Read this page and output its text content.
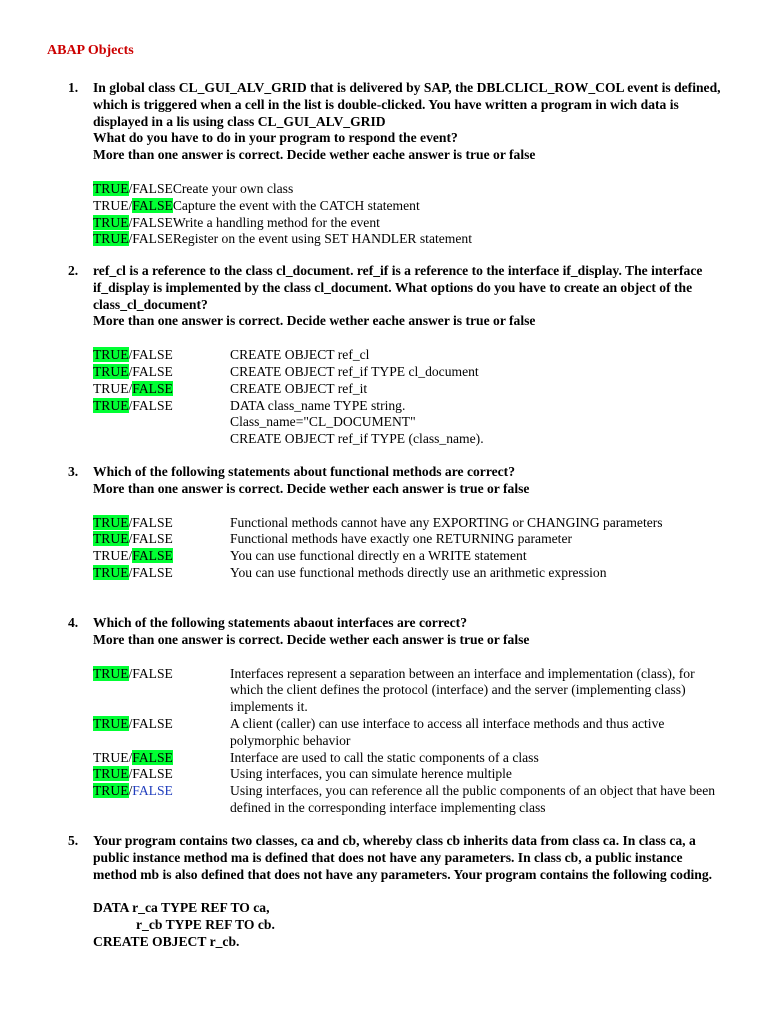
ABAP Objects
1.	In global class CL_GUI_ALV_GRID that is delivered by SAP, the DBLCLICL_ROW_COL event is defined, which is triggered when a cell in the list is double-clicked. You have written a program in wich data is displayed in a lis using class CL_GUI_ALV_GRID
What do you have to do in your program to respond the event?
More than one answer is correct. Decide wether eache answer is true or false
TRUE/FALSE Create your own class
TRUE/FALSE Capture the event with the CATCH statement
TRUE/FALSE Write a handling method for the event
TRUE/FALSE Register on the event using SET HANDLER statement
2.	ref_cl is a reference to the class cl_document. ref_if is a reference to the interface if_display. The interface if_display is implemented by the class cl_document. What options do you have to create an object of the class_cl_document?
More than one answer is correct. Decide wether eache answer is true or false
TRUE/FALSE	CREATE OBJECT ref_cl
TRUE/FALSE	CREATE OBJECT ref_if TYPE cl_document
TRUE/FALSE	CREATE OBJECT ref_it
TRUE/FALSE	DATA class_name TYPE string.
Class_name="CL_DOCUMENT"
CREATE OBJECT ref_if TYPE (class_name).
3.	Which of the following statements about functional methods are correct?
More than one answer is correct. Decide wether each answer is true or false
TRUE/FALSE	Functional methods cannot have any EXPORTING or CHANGING parameters
TRUE/FALSE	Functional methods have exactly one RETURNING parameter
TRUE/FALSE	You can use functional directly en a WRITE statement
TRUE/FALSE	You can use functional methods directly use an arithmetic expression
4.	Which of the following statements abaout interfaces are correct?
More than one answer is correct. Decide wether each answer is true or false
TRUE/FALSE	Interfaces represent a separation between an interface and implementation (class), for which the client defines the protocol (interface) and the server (implementing class) implements it.
TRUE/FALSE	A client (caller) can use interface to access all interface methods and thus active polymorphic behavior
TRUE/FALSE	Interface are used to call the static components of a class
TRUE/FALSE	Using interfaces, you can simulate herence multiple
TRUE/FALSE	Using interfaces, you can reference all the public components of an object that have been defined in the corresponding interface implementing class
5.	Your program contains two classes, ca and cb, whereby class cb inherits data from class ca. In class ca, a public instance method ma is defined that does not have any parameters. In class cb, a public instance method mb is also defined that does not have any parameters. Your program contains the following coding.
DATA r_ca TYPE REF TO ca,
r_cb TYPE REF TO cb.
CREATE OBJECT r_cb.
